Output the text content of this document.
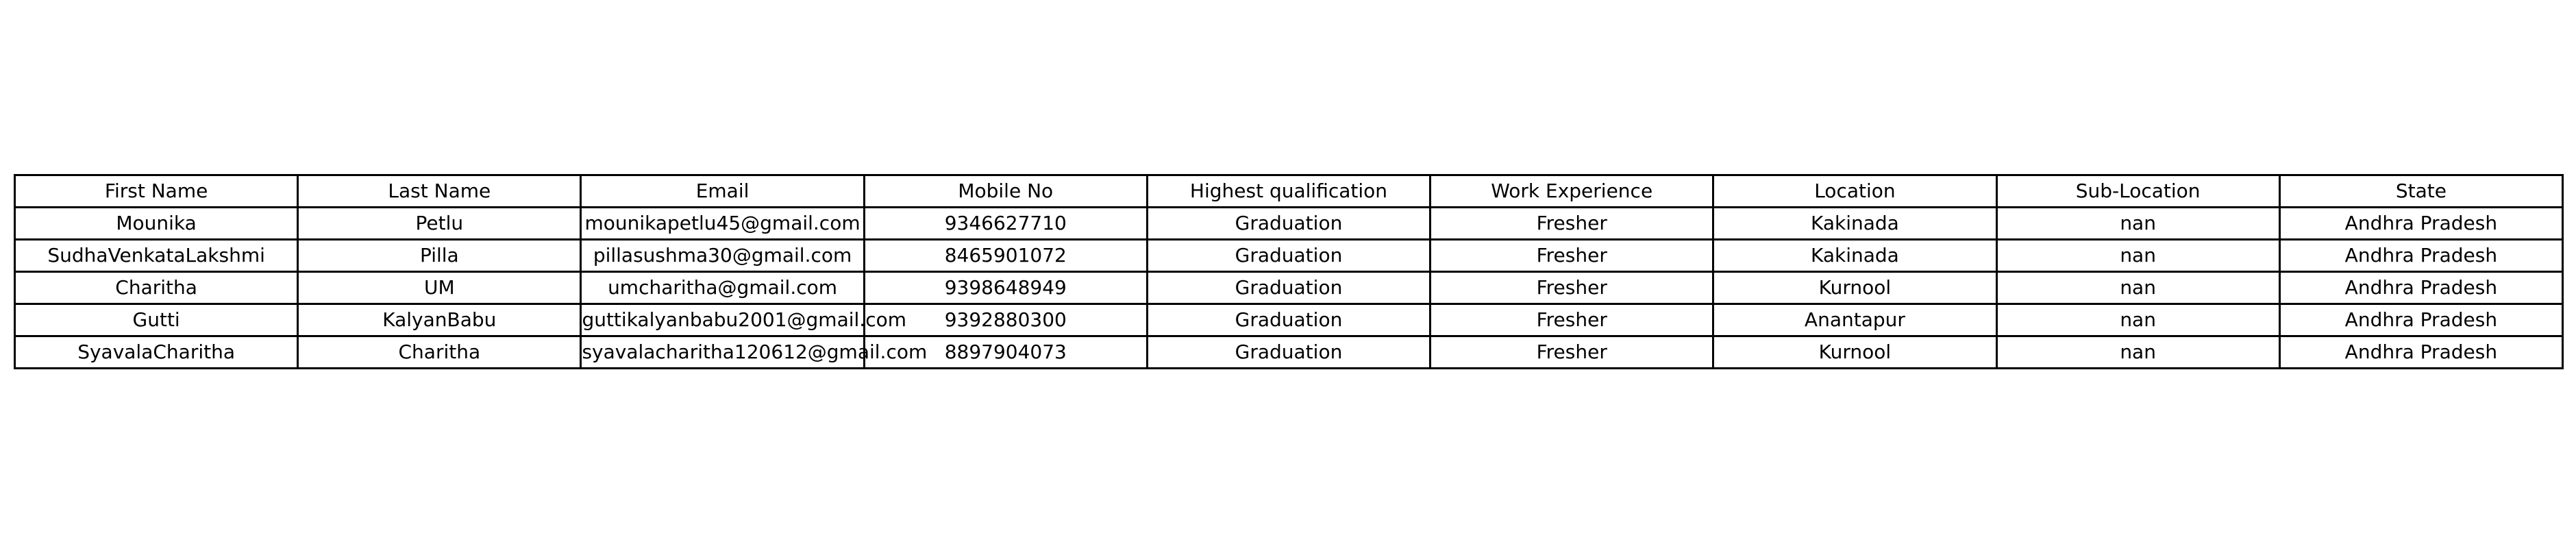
First Name	Last Name	Email	Mobile No	Highest qualification	Work Experience	Location	Sub-Location	State
Mounika	Petlu	mounikapetlu45@gmail.com	9346627710	Graduation	Fresher	Kakinada	nan	Andhra Pradesh
SudhaVenkataLakshmi	Pilla	pillasushma30@gmail.com	8465901072	Graduation	Fresher	Kakinada	nan	Andhra Pradesh
Charitha	UM	umcharitha@gmail.com	9398648949	Graduation	Fresher	Kurnool	nan	Andhra Pradesh
Gutti	KalyanBabu	guttikalyanbabu2001@gmail.com	9392880300	Graduation	Fresher	Anantapur	nan	Andhra Pradesh
SyavalaCharitha	Charitha	syavalacharitha120612@gmail.com	8897904073	Graduation	Fresher	Kurnool	nan	Andhra Pradesh
